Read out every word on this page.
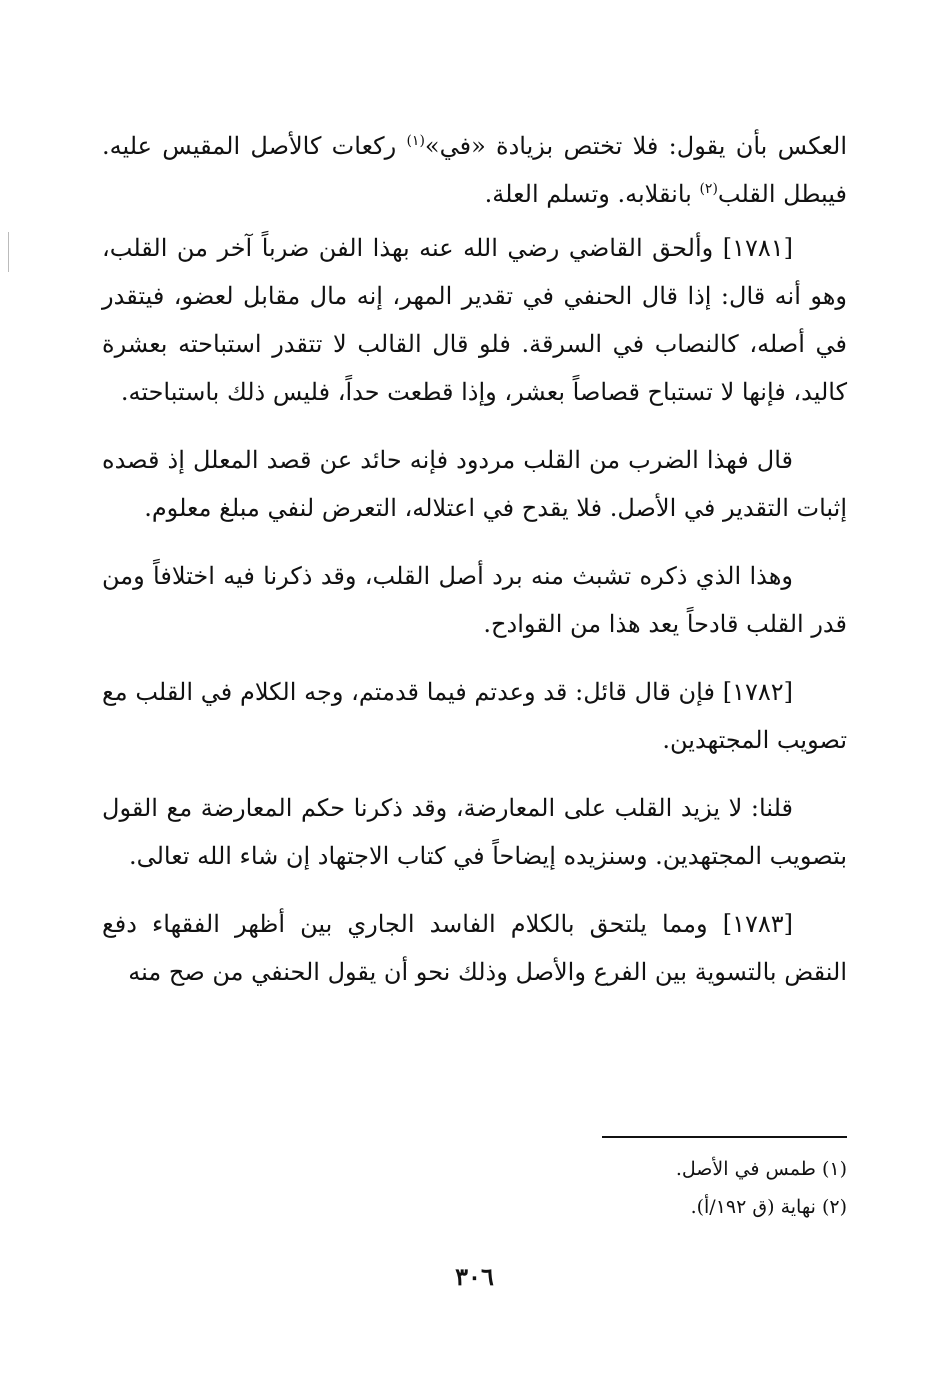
العكس بأن يقول: فلا تختص بزيادة «في»$^{(١)}$ ركعات كالأصل المقيس عليه. فيبطل القلب$^{(٢)}$ بانقلابه. وتسلم العلة.

[١٧٨١] وألحق القاضي رضي الله عنه بهذا الفن ضرباً آخر من القلب، وهو أنه قال: إذا قال الحنفي في تقدير المهر، إنه مال مقابل لعضو، فيتقدر في أصله، كالنصاب في السرقة. فلو قال القالب لا تتقدر استباحته بعشرة كاليد، فإنها لا تستباح قصاصاً بعشر، وإذا قطعت حداً، فليس ذلك باستباحته.

قال فهذا الضرب من القلب مردود فإنه حائد عن قصد المعلل إذ قصده إثبات التقدير في الأصل. فلا يقدح في اعتلاله، التعرض لنفي مبلغ معلوم.

وهذا الذي ذكره تشبث منه برد أصل القلب، وقد ذكرنا فيه اختلافاً ومن قدر القلب قادحاً يعد هذا من القوادح.

[١٧٨٢] فإن قال قائل: قد وعدتم فيما قدمتم، وجه الكلام في القلب مع تصويب المجتهدين.

قلنا: لا يزيد القلب على المعارضة، وقد ذكرنا حكم المعارضة مع القول بتصويب المجتهدين. وسنزيده إيضاحاً في كتاب الاجتهاد إن شاء الله تعالى.

[١٧٨٣] ومما يلتحق بالكلام الفاسد الجاري بين أظهر الفقهاء دفع النقض بالتسوية بين الفرع والأصل وذلك نحو أن يقول الحنفي من صح منه

(١) طمس في الأصل.

(٢) نهاية (ق ١٩٢/أ).

٣٠٦
